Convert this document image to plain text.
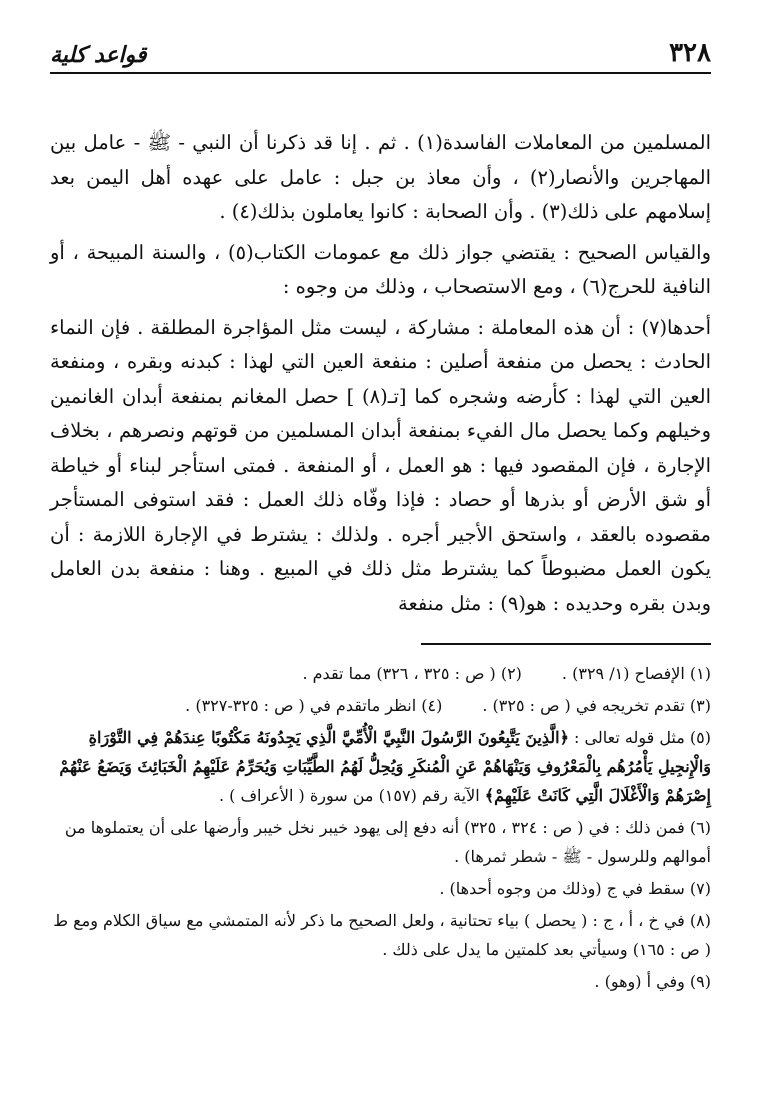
٣٢٨
قواعد كلية

المسلمين من المعاملات الفاسدة(١) . ثم . إنا قد ذكرنا أن النبي - ﷺ - عامل بين المهاجرين والأنصار(٢) ، وأن معاذ بن جبل : عامل على عهده أهل اليمن بعد إسلامهم على ذلك(٣) . وأن الصحابة : كانوا يعاملون بذلك(٤) .

والقياس الصحيح : يقتضي جواز ذلك مع عمومات الكتاب(٥) ، والسنة المبيحة ، أو النافية للحرج(٦) ، ومع الاستصحاب ، وذلك من وجوه :

أحدها(٧) : أن هذه المعاملة : مشاركة ، ليست مثل المؤاجرة المطلقة . فإن النماء الحادث : يحصل من منفعة أصلين : منفعة العين التي لهذا : كبدنه وبقره ، ومنفعة العين التي لهذا : كأرضه وشجره كما [تـ(٨) ] حصل المغانم بمنفعة أبدان الغانمين وخيلهم وكما يحصل مال الفيء بمنفعة أبدان المسلمين من قوتهم ونصرهم ، بخلاف الإجارة ، فإن المقصود فيها : هو العمل ، أو المنفعة . فمتى استأجر لبناء أو خياطة أو شق الأرض أو بذرها أو حصاد : فإذا وفّاه ذلك العمل : فقد استوفى المستأجر مقصوده بالعقد ، واستحق الأجير أجره . ولذلك : يشترط في الإجارة اللازمة : أن يكون العمل مضبوطاً كما يشترط مثل ذلك في المبيع . وهنا : منفعة بدن العامل وبدن بقره وحديده : هو(٩) : مثل منفعة

(١) الإفصاح (١/ ٣٢٩) .
(٢) ( ص : ٣٢٥ ، ٣٢٦) مما تقدم .
(٣) تقدم تخريجه في ( ص : ٣٢٥) .
(٤) انظر ماتقدم في ( ص : ٣٢٥-٣٢٧) .
(٥) مثل قوله تعالى : ﴿الَّذِينَ يَتَّبِعُونَ الرَّسُولَ النَّبِيَّ الْأُمِّيَّ الَّذِي يَجِدُونَهُ مَكْتُوبًا عِندَهُمْ فِي التَّوْرَاةِ وَالْإِنجِيلِ يَأْمُرُهُم بِالْمَعْرُوفِ وَيَنْهَاهُمْ عَنِ الْمُنكَرِ وَيُحِلُّ لَهُمُ الطَّيِّبَاتِ وَيُحَرِّمُ عَلَيْهِمُ الْخَبَائِثَ وَيَضَعُ عَنْهُمْ إِصْرَهُمْ وَالْأَغْلَالَ الَّتِي كَانَتْ عَلَيْهِمْ﴾ الآية رقم (١٥٧) من سورة ( الأعراف ) .
(٦) فمن ذلك : في ( ص : ٣٢٤ ، ٣٢٥) أنه دفع إلى يهود خيبر نخل خيبر وأرضها على أن يعتملوها من أموالهم وللرسول - ﷺ - شطر ثمرها) .
(٧) سقط في ج (وذلك من وجوه أحدها) .
(٨) في خ ، أ ، ج : ( يحصل ) بياء تحتانية ، ولعل الصحيح ما ذكر لأنه المتمشي مع سياق الكلام ومع ط ( ص : ١٦٥) وسيأتي بعد كلمتين ما يدل على ذلك .
(٩) وفي أ (وهو) .
